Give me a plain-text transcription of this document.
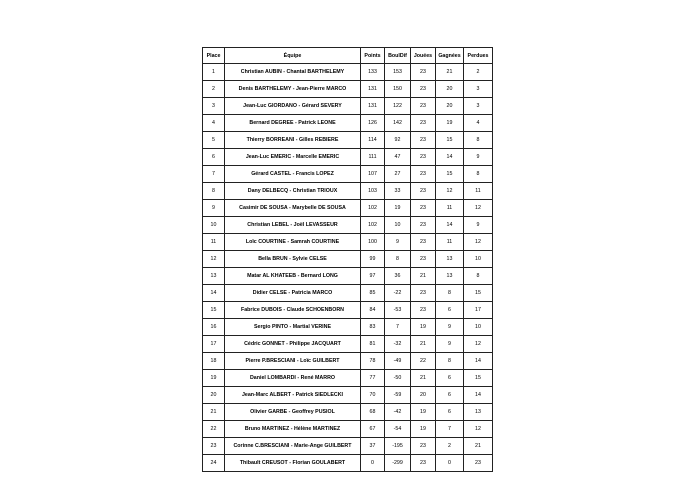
Place	Équipe	Points	BoulDif	Jouées	Gagnées	Perdues
1	Christian AUBIN - Chantal BARTHELEMY	133	153	23	21	2
2	Denis BARTHELEMY - Jean-Pierre MARCO	131	150	23	20	3
3	Jean-Luc GIORDANO - Gérard SEVERY	131	122	23	20	3
4	Bernard DEGREE - Patrick LEONE	126	142	23	19	4
5	Thierry BORREANI - Gilles REBIERE	114	92	23	15	8
6	Jean-Luc EMERIC - Marcelle EMERIC	111	47	23	14	9
7	Gérard CASTEL - Francis LOPEZ	107	27	23	15	8
8	Dany DELBECQ - Christian TRIOUX	103	33	23	12	11
9	Casimir DE SOUSA - Marybelle DE SOUSA	102	19	23	11	12
10	Christian LEBEL - Joël LEVASSEUR	102	10	23	14	9
11	Loïc COURTINE - Samrah COURTINE	100	9	23	11	12
12	Bella BRUN - Sylvie CELSE	99	8	23	13	10
13	Matar AL KHATEEB - Bernard LONG	97	36	21	13	8
14	Didier CELSE - Patricia MARCO	85	-22	23	8	15
15	Fabrice DUBOIS - Claude SCHOENBORN	84	-53	23	6	17
16	Sergio PINTO - Martial VERINE	83	7	19	9	10
17	Cédric GONNET - Philippe JACQUART	81	-32	21	9	12
18	Pierre P.BRESCIANI - Loïc GUILBERT	78	-49	22	8	14
19	Daniel LOMBARDI - René MARRO	77	-50	21	6	15
20	Jean-Marc ALBERT - Patrick SIEDLECKI	70	-59	20	6	14
21	Olivier GARBE - Geoffrey PUSIOL	68	-42	19	6	13
22	Bruno MARTINEZ - Hélène MARTINEZ	67	-54	19	7	12
23	Corinne C.BRESCIANI - Marie-Ange GUILBERT	37	-195	23	2	21
24	Thibault CREUSOT - Florian GOULABERT	0	-299	23	0	23
